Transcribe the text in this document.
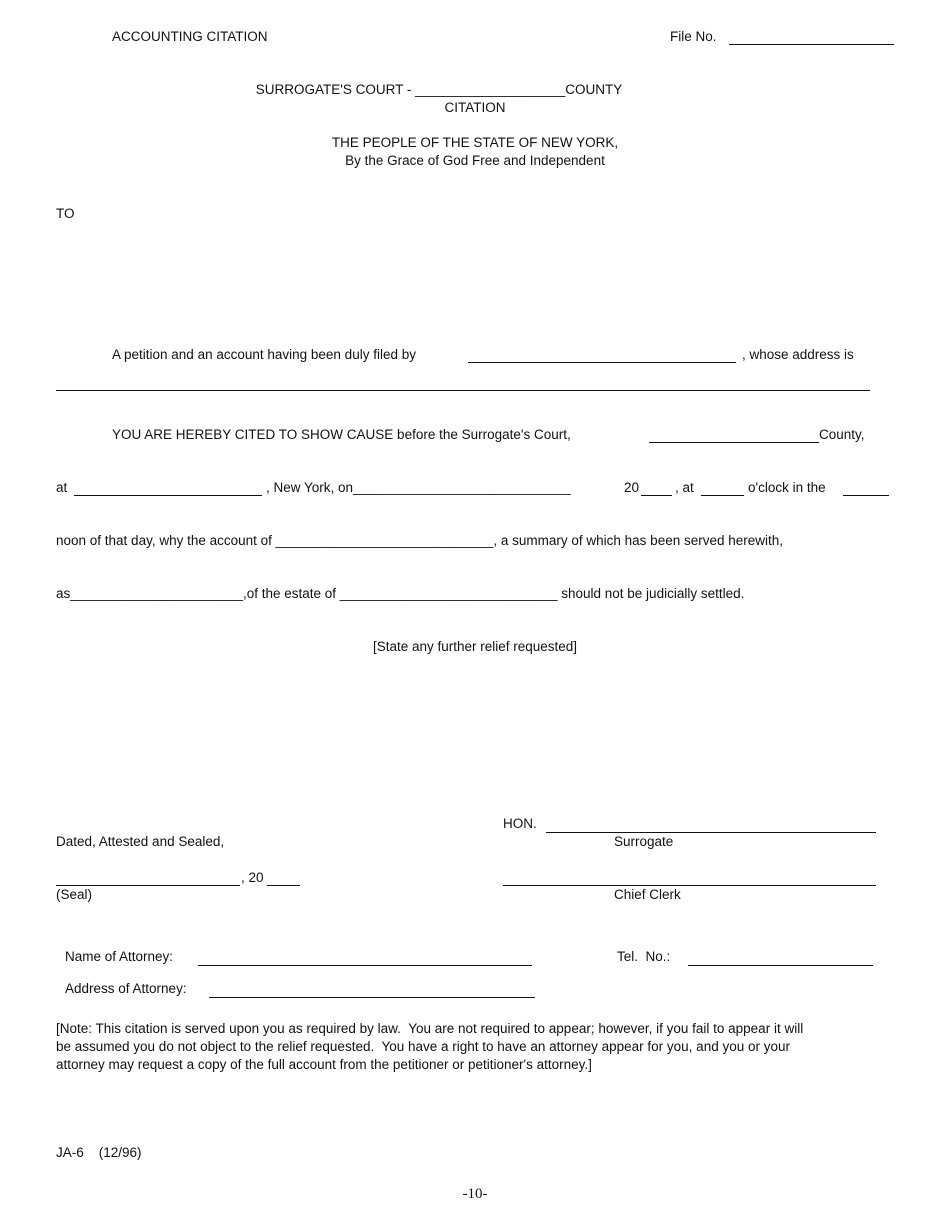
ACCOUNTING CITATION	File No.
SURROGATE'S COURT - ____________________COUNTY
CITATION
THE PEOPLE OF THE STATE OF NEW YORK,
By the Grace of God Free and Independent
TO
A petition and an account having been duly filed by	, whose address is
YOU ARE HEREBY CITED TO SHOW CAUSE before the Surrogate's Court,	County,
at	, New York, on_____________________________	20	, at	o'clock in the
noon of that day, why the account of _____________________________, a summary of which has been served herewith,
as_______________________,of the estate of _____________________________ should not be judicially settled.
[State any further relief requested]
HON.
Surrogate
Dated, Attested and Sealed,
, 20
(Seal)	Chief Clerk
Name of Attorney:	Tel.  No.:
Address of Attorney:
[Note: This citation is served upon you as required by law.  You are not required to appear; however, if you fail to appear it will
be assumed you do not object to the relief requested.  You have a right to have an attorney appear for you, and you or your
attorney may request a copy of the full account from the petitioner or petitioner's attorney.]
JA-6    (12/96)
-10-
